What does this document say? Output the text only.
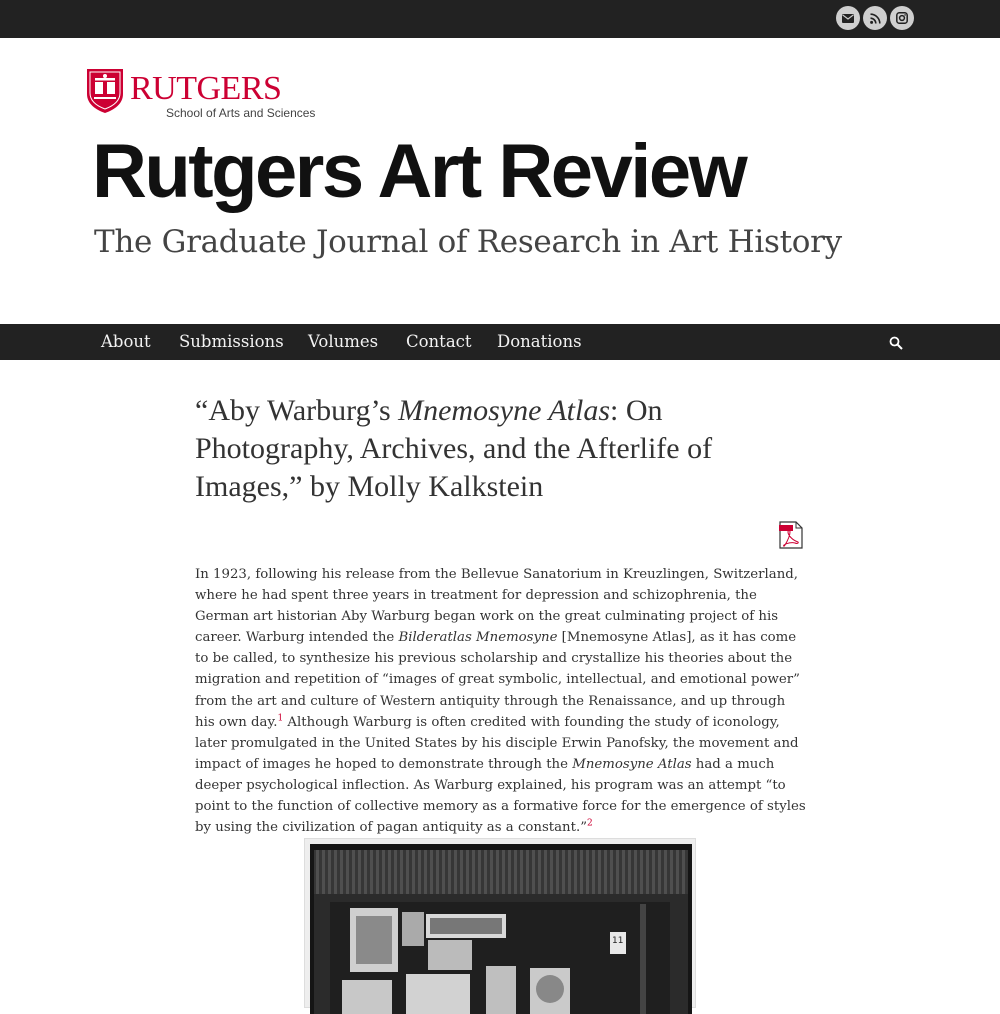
RUTGERS
School of Arts and Sciences
Rutgers Art Review
The Graduate Journal of Research in Art History
About Submissions Volumes Contact Donations
“Aby Warburg’s Mnemosyne Atlas: On Photography, Archives, and the Afterlife of Images,” by Molly Kalkstein

In 1923, following his release from the Bellevue Sanatorium in Kreuzlingen, Switzerland, where he had spent three years in treatment for depression and schizophrenia, the German art historian Aby Warburg began work on the great culminating project of his career. Warburg intended the Bilderatlas Mnemosyne [Mnemosyne Atlas], as it has come to be called, to synthesize his previous scholarship and crystallize his theories about the migration and repetition of “images of great symbolic, intellectual, and emotional power” from the art and culture of Western antiquity through the Renaissance, and up through his own day.$^1$ Although Warburg is often credited with founding the study of iconology, later promulgated in the United States by his disciple Erwin Panofsky, the movement and impact of images he hoped to demonstrate through the Mnemosyne Atlas had a much deeper psychological inflection. As Warburg explained, his program was an attempt “to point to the function of collective memory as a formative force for the emergence of styles by using the civilization of pagan antiquity as a constant.”$^2$

11
